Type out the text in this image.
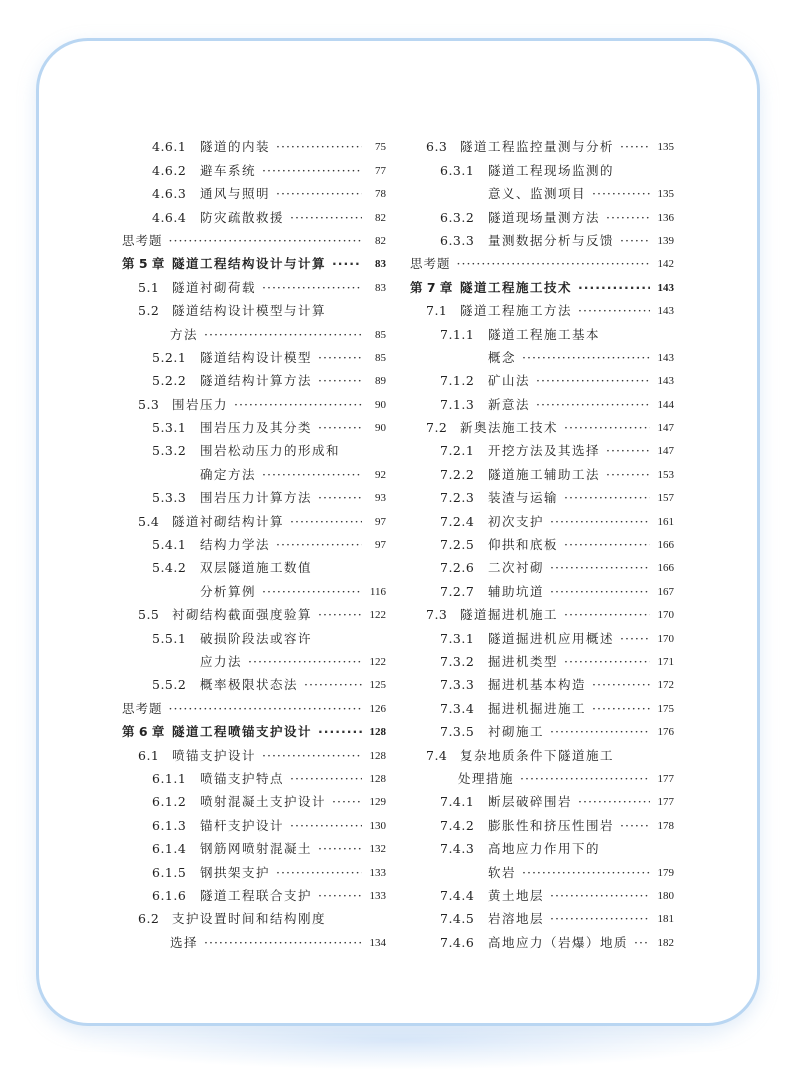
4.6.1	隧道的内装 ·····	75
4.6.2	避车系统 ·····	77
4.6.3	通风与照明 ·····	78
4.6.4	防灾疏散救援 ·····	82
思考题 ·····	82
第 5 章 隧道工程结构设计与计算 ·····	83
5.1	隧道衬砌荷载 ·····	83
5.2	隧道结构设计模型与计算
方法 ·····	85
5.2.1	隧道结构设计模型 ·····	85
5.2.2	隧道结构计算方法 ·····	89
5.3	围岩压力 ·····	90
5.3.1	围岩压力及其分类 ·····	90
5.3.2	围岩松动压力的形成和
确定方法 ·····	92
5.3.3	围岩压力计算方法 ·····	93
5.4	隧道衬砌结构计算 ·····	97
5.4.1	结构力学法 ·····	97
5.4.2	双层隧道施工数值
分析算例 ·····	116
5.5	衬砌结构截面强度验算 ·····	122
5.5.1	破损阶段法或容许
应力法 ·····	122
5.5.2	概率极限状态法 ·····	125
思考题 ·····	126
第 6 章 隧道工程喷锚支护设计 ·····	128
6.1	喷锚支护设计 ·····	128
6.1.1	喷锚支护特点 ·····	128
6.1.2	喷射混凝土支护设计 ·····	129
6.1.3	锚杆支护设计 ·····	130
6.1.4	钢筋网喷射混凝土 ·····	132
6.1.5	钢拱架支护 ·····	133
6.1.6	隧道工程联合支护 ·····	133
6.2	支护设置时间和结构刚度
选择 ·····	134
6.3	隧道工程监控量测与分析 ·····	135
6.3.1	隧道工程现场监测的
意义、监测项目 ·····	135
6.3.2	隧道现场量测方法 ·····	136
6.3.3	量测数据分析与反馈 ·····	139
思考题 ·····	142
第 7 章 隧道工程施工技术 ·····	143
7.1	隧道工程施工方法 ·····	143
7.1.1	隧道工程施工基本
概念 ·····	143
7.1.2	矿山法 ·····	143
7.1.3	新意法 ·····	144
7.2	新奥法施工技术 ·····	147
7.2.1	开挖方法及其选择 ·····	147
7.2.2	隧道施工辅助工法 ·····	153
7.2.3	装渣与运输 ·····	157
7.2.4	初次支护 ·····	161
7.2.5	仰拱和底板 ·····	166
7.2.6	二次衬砌 ·····	166
7.2.7	辅助坑道 ·····	167
7.3	隧道掘进机施工 ·····	170
7.3.1	隧道掘进机应用概述 ·····	170
7.3.2	掘进机类型 ·····	171
7.3.3	掘进机基本构造 ·····	172
7.3.4	掘进机掘进施工 ·····	175
7.3.5	衬砌施工 ·····	176
7.4	复杂地质条件下隧道施工
处理措施 ·····	177
7.4.1	断层破碎围岩 ·····	177
7.4.2	膨胀性和挤压性围岩 ·····	178
7.4.3	高地应力作用下的
软岩 ·····	179
7.4.4	黄土地层 ·····	180
7.4.5	岩溶地层 ·····	181
7.4.6	高地应力（岩爆）地质 ·····	182
